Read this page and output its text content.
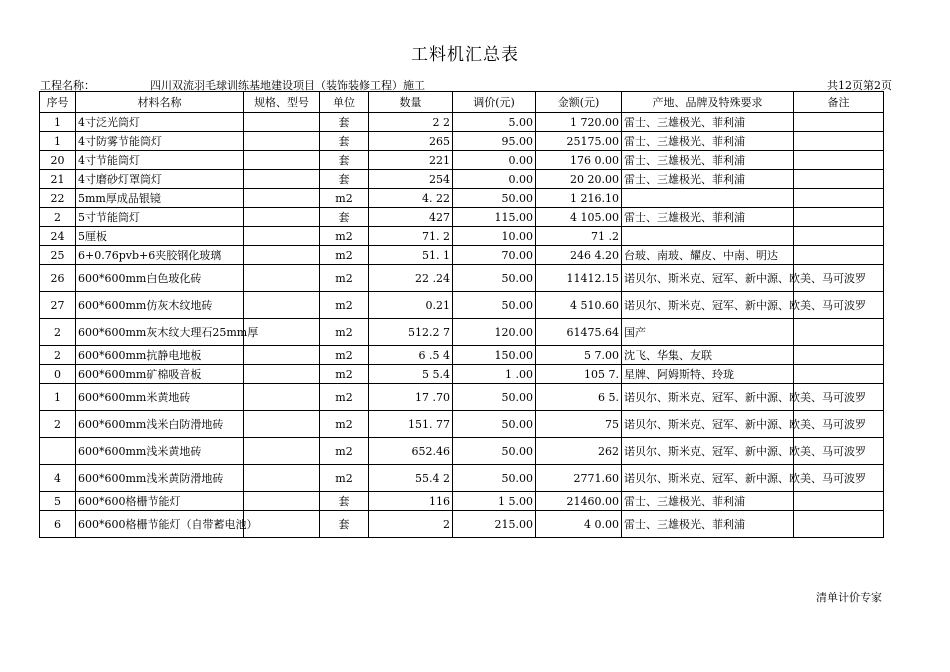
工料机汇总表
工程名称：	四川双流羽毛球训练基地建设项目（装饰装修工程）施工	共12页第2页
序号	材料名称	规格、型号	单位	数量	调价(元)	金额(元)	产地、品牌及特殊要求	备注
1	4寸泛光筒灯		套	2 2	5.00	1 720.00	雷士、三雄极光、菲利浦	
1	4寸防雾节能筒灯		套	265	95.00	25175.00	雷士、三雄极光、菲利浦	
20	4寸节能筒灯		套	221	0.00	176 0.00	雷士、三雄极光、菲利浦	
21	4寸磨砂灯罩筒灯		套	254	0.00	20 20.00	雷士、三雄极光、菲利浦	
22	5mm厚成品银镜		m2	4. 22	50.00	1 216.10		
2	5寸节能筒灯		套	427	115.00	4 105.00	雷士、三雄极光、菲利浦	
24	5厘板		m2	71. 2	10.00	71 .2		
25	6+0.76pvb+6夹胶钢化玻璃		m2	51. 1	70.00	246 4.20	台玻、南玻、耀皮、中南、明达	
26	600*600mm白色玻化砖		m2	22 .24	50.00	11412.15	诺贝尔、斯米克、冠军、新中源、欧美、马可波罗	
27	600*600mm仿灰木纹地砖		m2	0.21	50.00	4 510.60	诺贝尔、斯米克、冠军、新中源、欧美、马可波罗	
2	600*600mm灰木纹大理石25mm厚		m2	512.2 7	120.00	61475.64	国产	
2	600*600mm抗静电地板		m2	6 .5 4	150.00	5 7.00	沈飞、华集、友联	
0	600*600mm矿棉吸音板		m2	5 5.4	1 .00	105 7.	星牌、阿姆斯特、玲珑	
1	600*600mm米黄地砖		m2	17 .70	50.00	6 5.	诺贝尔、斯米克、冠军、新中源、欧美、马可波罗	
2	600*600mm浅米白防滑地砖		m2	151. 77	50.00	75	诺贝尔、斯米克、冠军、新中源、欧美、马可波罗	
	600*600mm浅米黄地砖		m2	652.46	50.00	262	诺贝尔、斯米克、冠军、新中源、欧美、马可波罗	
4	600*600mm浅米黄防滑地砖		m2	55.4 2	50.00	2771.60	诺贝尔、斯米克、冠军、新中源、欧美、马可波罗	
5	600*600格栅节能灯		套	116	1 5.00	21460.00	雷士、三雄极光、菲利浦	
6	600*600格栅节能灯（自带蓄电池）		套	2	215.00	4 0.00	雷士、三雄极光、菲利浦	
清单计价专家
